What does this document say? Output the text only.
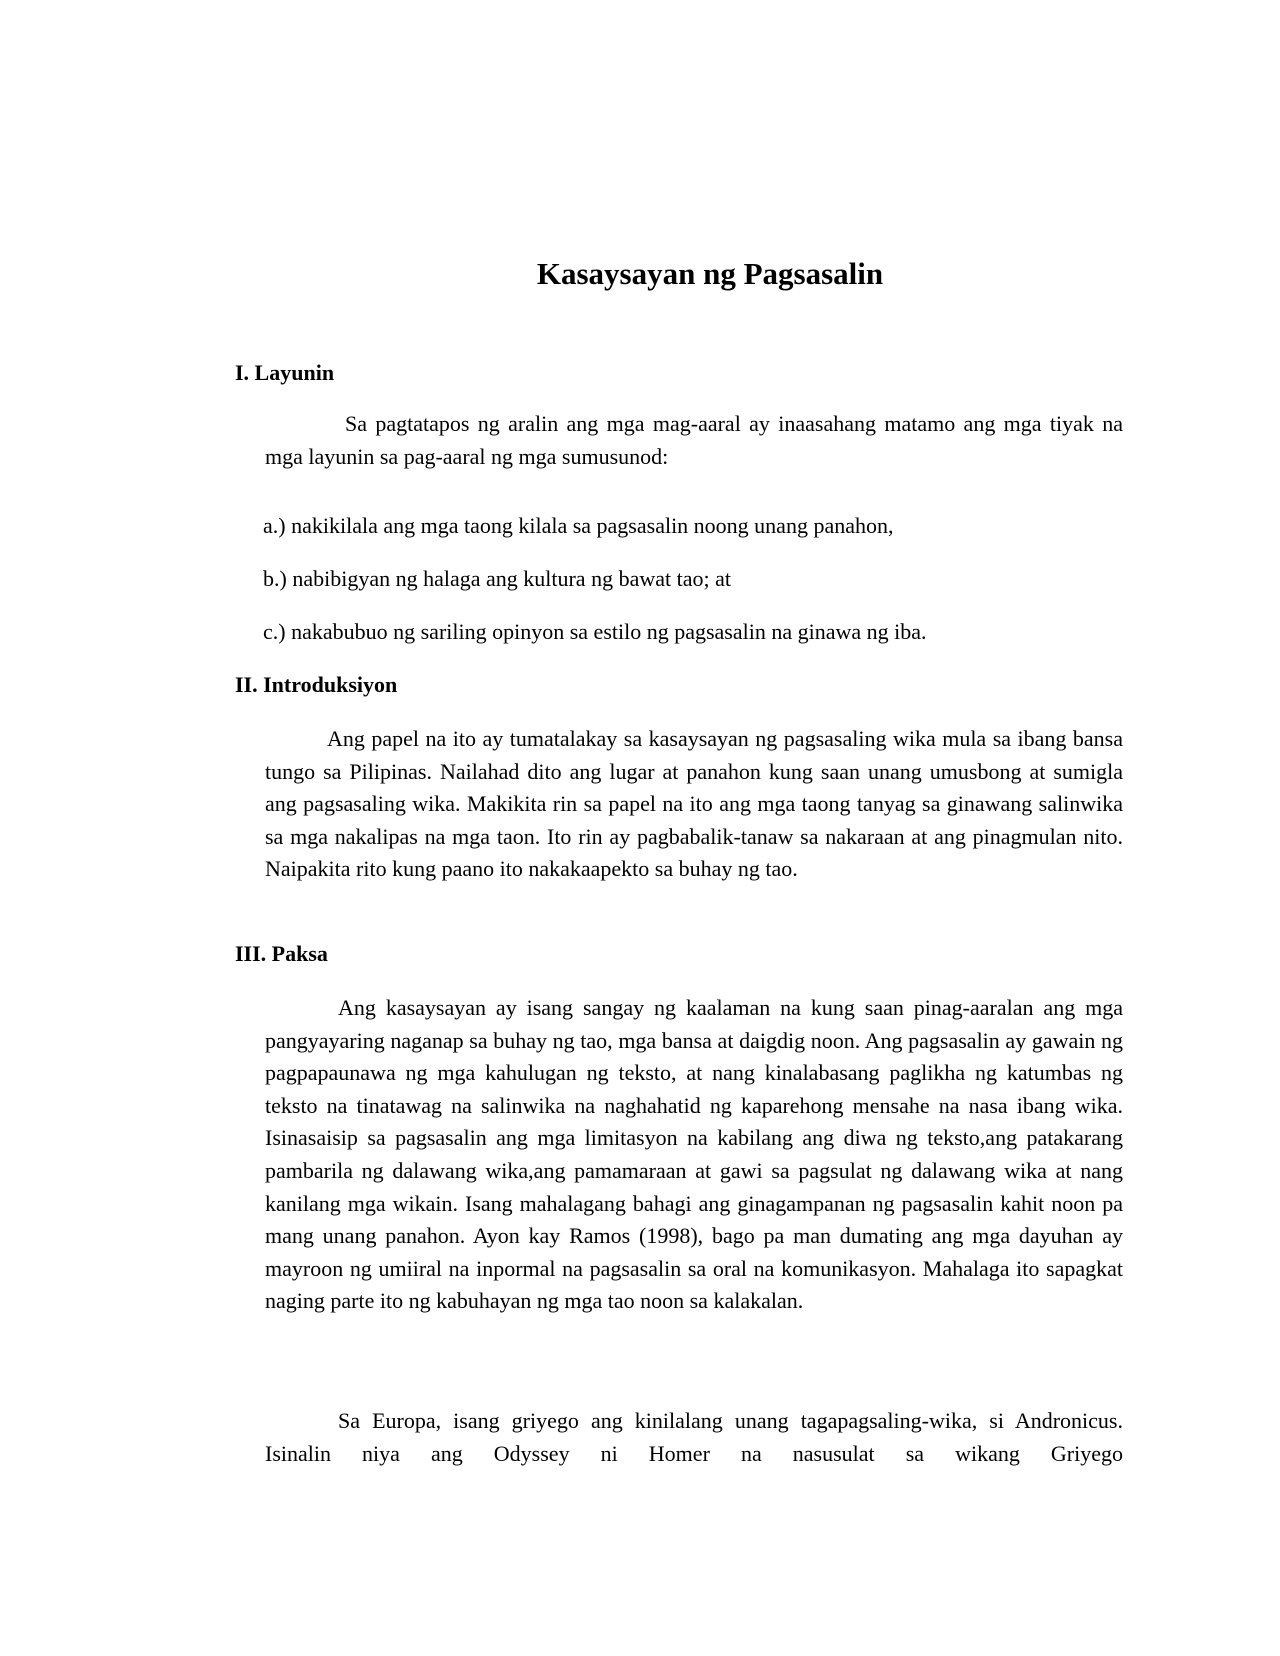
Kasaysayan ng Pagsasalin
I. Layunin

Sa pagtatapos ng aralin ang mga mag-aaral ay inaasahang matamo ang mga tiyak na mga layunin sa pag-aaral ng mga sumusunod:

a.) nakikilala ang mga taong kilala sa pagsasalin noong unang panahon,

b.) nabibigyan ng halaga ang kultura ng bawat tao; at

c.) nakabubuo ng sariling opinyon sa estilo ng pagsasalin na ginawa ng iba.

II. Introduksiyon

Ang papel na ito ay tumatalakay sa kasaysayan ng pagsasaling wika mula sa ibang bansa tungo sa Pilipinas. Nailahad dito ang lugar at panahon kung saan unang umusbong at sumigla ang pagsasaling wika. Makikita rin sa papel na ito ang mga taong tanyag sa ginawang salinwika sa mga nakalipas na mga taon. Ito rin ay pagbabalik-tanaw sa nakaraan at ang pinagmulan nito. Naipakita rito kung paano ito nakakaapekto sa buhay ng tao.

III. Paksa

Ang kasaysayan ay isang sangay ng kaalaman na kung saan pinag-aaralan ang mga pangyayaring naganap sa buhay ng tao, mga bansa at daigdig noon. Ang pagsasalin ay gawain ng pagpapaunawa ng mga kahulugan ng teksto, at nang kinalabasang paglikha ng katumbas ng teksto na tinatawag na salinwika na naghahatid ng kaparehong mensahe na nasa ibang wika. Isinasaisip sa pagsasalin ang mga limitasyon na kabilang ang diwa ng teksto,ang patakarang pambarila ng dalawang wika,ang pamamaraan at gawi sa pagsulat ng dalawang wika at nang kanilang mga wikain. Isang mahalagang bahagi ang ginagampanan ng pagsasalin kahit noon pa mang unang panahon. Ayon kay Ramos (1998), bago pa man dumating ang mga dayuhan ay mayroon ng umiiral na inpormal na pagsasalin sa oral na komunikasyon. Mahalaga ito sapagkat naging parte ito ng kabuhayan ng mga tao noon sa kalakalan.

Sa Europa, isang griyego ang kinilalang unang tagapagsaling-wika, si Andronicus. Isinalin niya ang Odyssey ni Homer na nasusulat sa wikang Griyego
